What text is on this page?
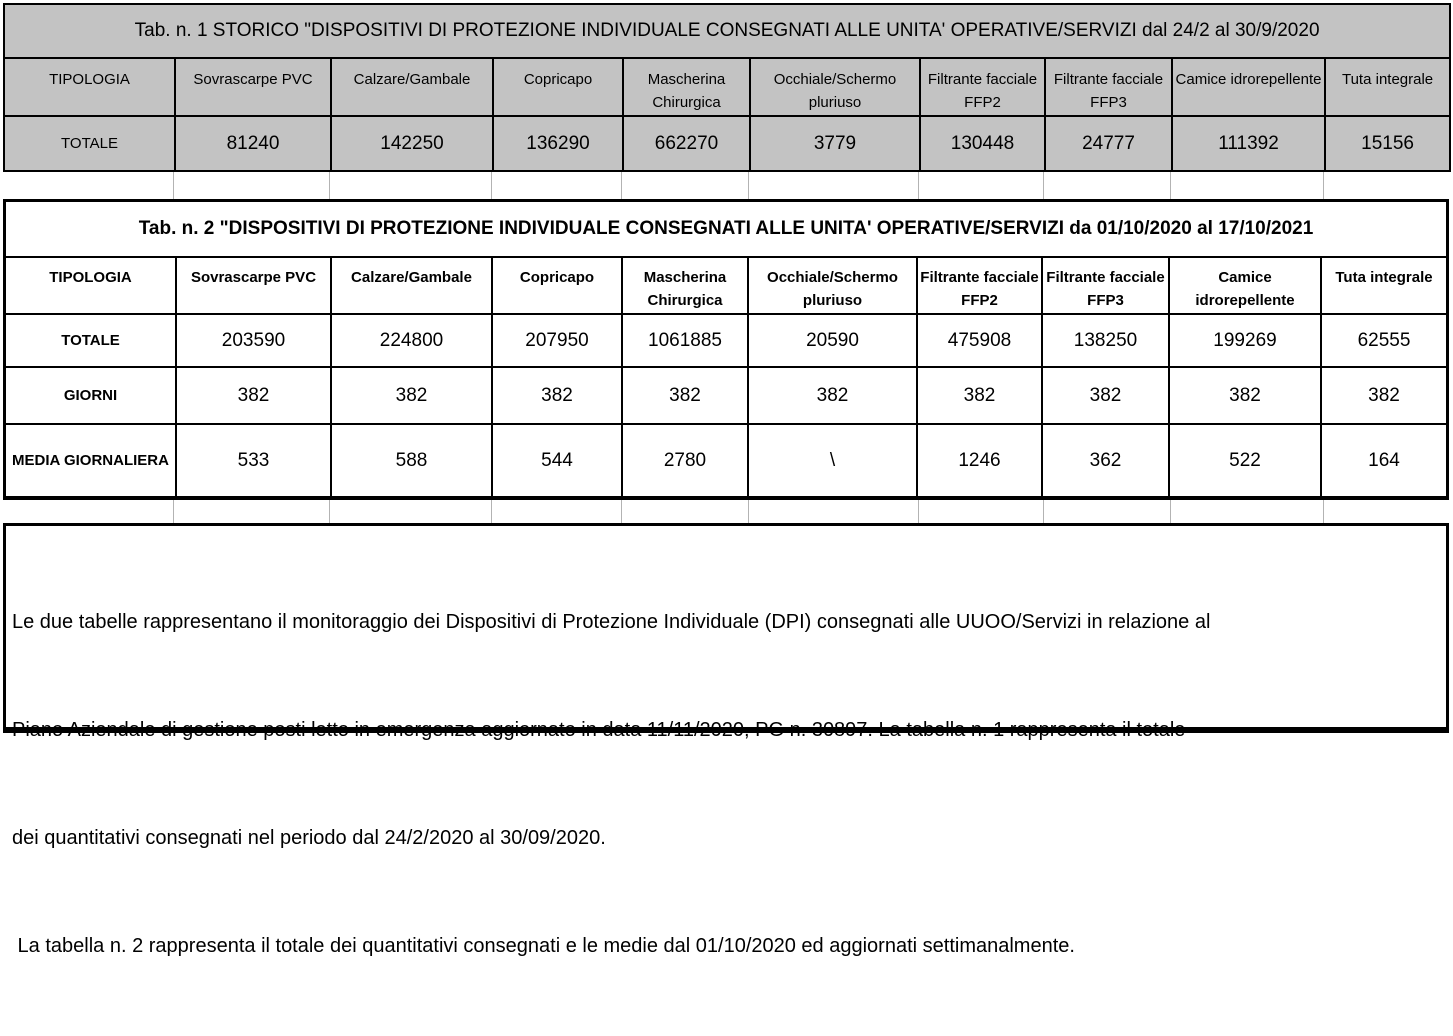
Tab. n. 1 STORICO "DISPOSITIVI DI PROTEZIONE INDIVIDUALE CONSEGNATI ALLE UNITA' OPERATIVE/SERVIZI dal 24/2 al 30/9/2020									
TIPOLOGIA	Sovrascarpe PVC	Calzare/Gambale	Copricapo	Mascherina Chirurgica	Occhiale/Schermo pluriuso	Filtrante facciale FFP2	Filtrante facciale FFP3	Camice idrorepellente	Tuta integrale
TOTALE	81240	142250	136290	662270	3779	130448	24777	111392	15156
Tab. n. 2 "DISPOSITIVI DI PROTEZIONE INDIVIDUALE CONSEGNATI ALLE UNITA' OPERATIVE/SERVIZI da 01/10/2020 al 17/10/2021									
TIPOLOGIA	Sovrascarpe PVC	Calzare/Gambale	Copricapo	Mascherina Chirurgica	Occhiale/Schermo pluriuso	Filtrante facciale FFP2	Filtrante facciale FFP3	Camice idrorepellente	Tuta integrale
TOTALE	203590	224800	207950	1061885	20590	475908	138250	199269	62555
GIORNI	382	382	382	382	382	382	382	382	382
MEDIA GIORNALIERA	533	588	544	2780	\	1246	362	522	164

Le due tabelle rappresentano il monitoraggio dei Dispositivi di Protezione Individuale (DPI) consegnati alle UUOO/Servizi in relazione al

Piano Aziendale di gestione posti letto in emergenza aggiornato in data 11/11/2020, PG n. 30897. La tabella n. 1 rappresenta il totale

dei quantitativi consegnati nel periodo dal 24/2/2020 al 30/09/2020.

La tabella n. 2 rappresenta il totale dei quantitativi consegnati e le medie dal 01/10/2020 ed aggiornati settimanalmente.
